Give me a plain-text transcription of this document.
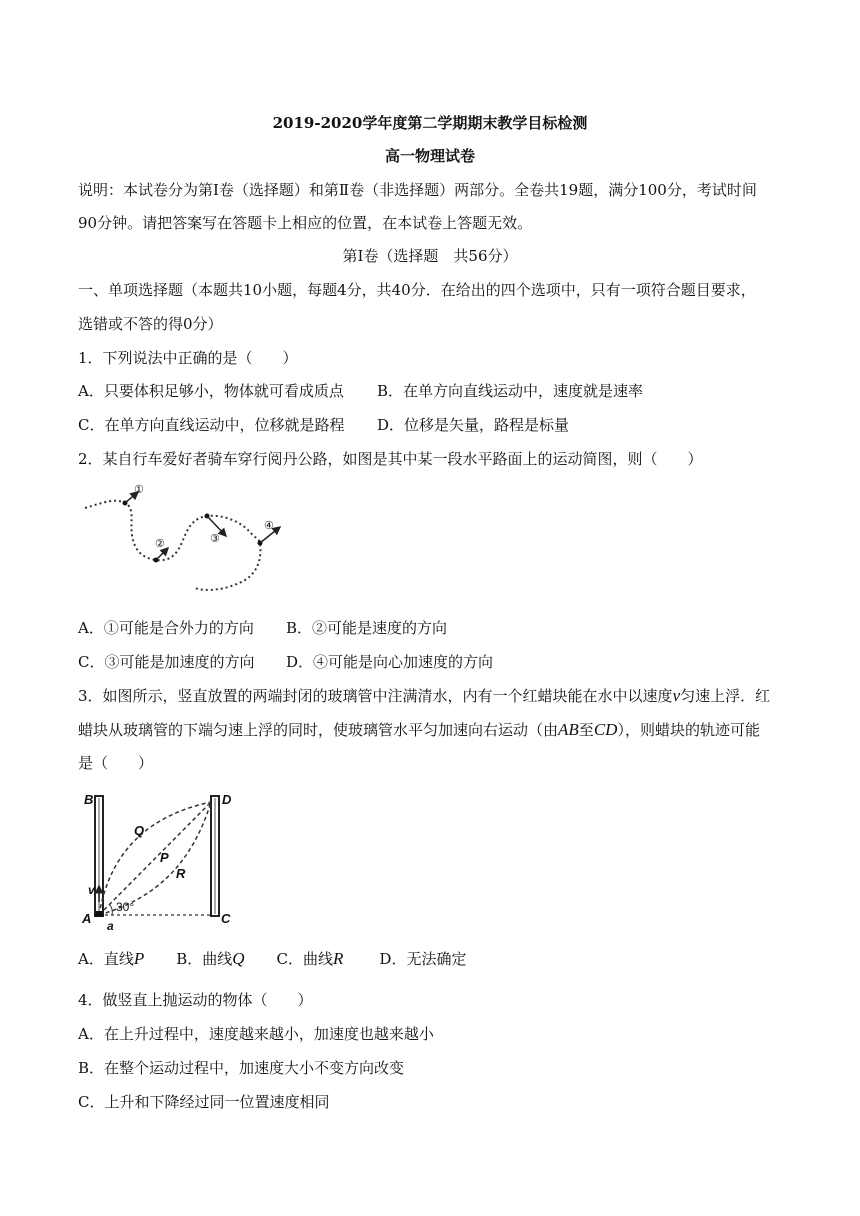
2019-2020学年度第二学期期末教学目标检测
高一物理试卷
说明：本试卷分为第Ⅰ卷（选择题）和第Ⅱ卷（非选择题）两部分。全卷共19题，满分100分，考试时间
90分钟。请把答案写在答题卡上相应的位置，在本试卷上答题无效。
第Ⅰ卷（选择题　共56分）
一、单项选择题（本题共10小题，每题4分，共40分．在给出的四个选项中，只有一项符合题目要求，
选错或不答的得0分）
1．下列说法中正确的是（　　）
A．只要体积足够小，物体就可看成质点 B．在单方向直线运动中，速度就是速率
C．在单方向直线运动中，位移就是路程 D．位移是矢量，路程是标量
2．某自行车爱好者骑车穿行阅丹公路，如图是其中某一段水平路面上的运动简图，则（　　）
①
②	③
④
A．①可能是合外力的方向 B．②可能是速度的方向
C．③可能是加速度的方向 D．④可能是向心加速度的方向
3．如图所示，竖直放置的两端封闭的玻璃管中注满清水，内有一个红蜡块能在水中以速度v匀速上浮．红
蜡块从玻璃管的下端匀速上浮的同时，使玻璃管水平匀加速向右运动（由AB至CD），则蜡块的轨迹可能
是（　　）
B	D
Q
P
R
v
A	C
a
30°
A．直线P B．曲线Q C．曲线R D．无法确定
4．做竖直上抛运动的物体（　　）
A．在上升过程中，速度越来越小，加速度也越来越小
B．在整个运动过程中，加速度大小不变方向改变
C．上升和下降经过同一位置速度相同
